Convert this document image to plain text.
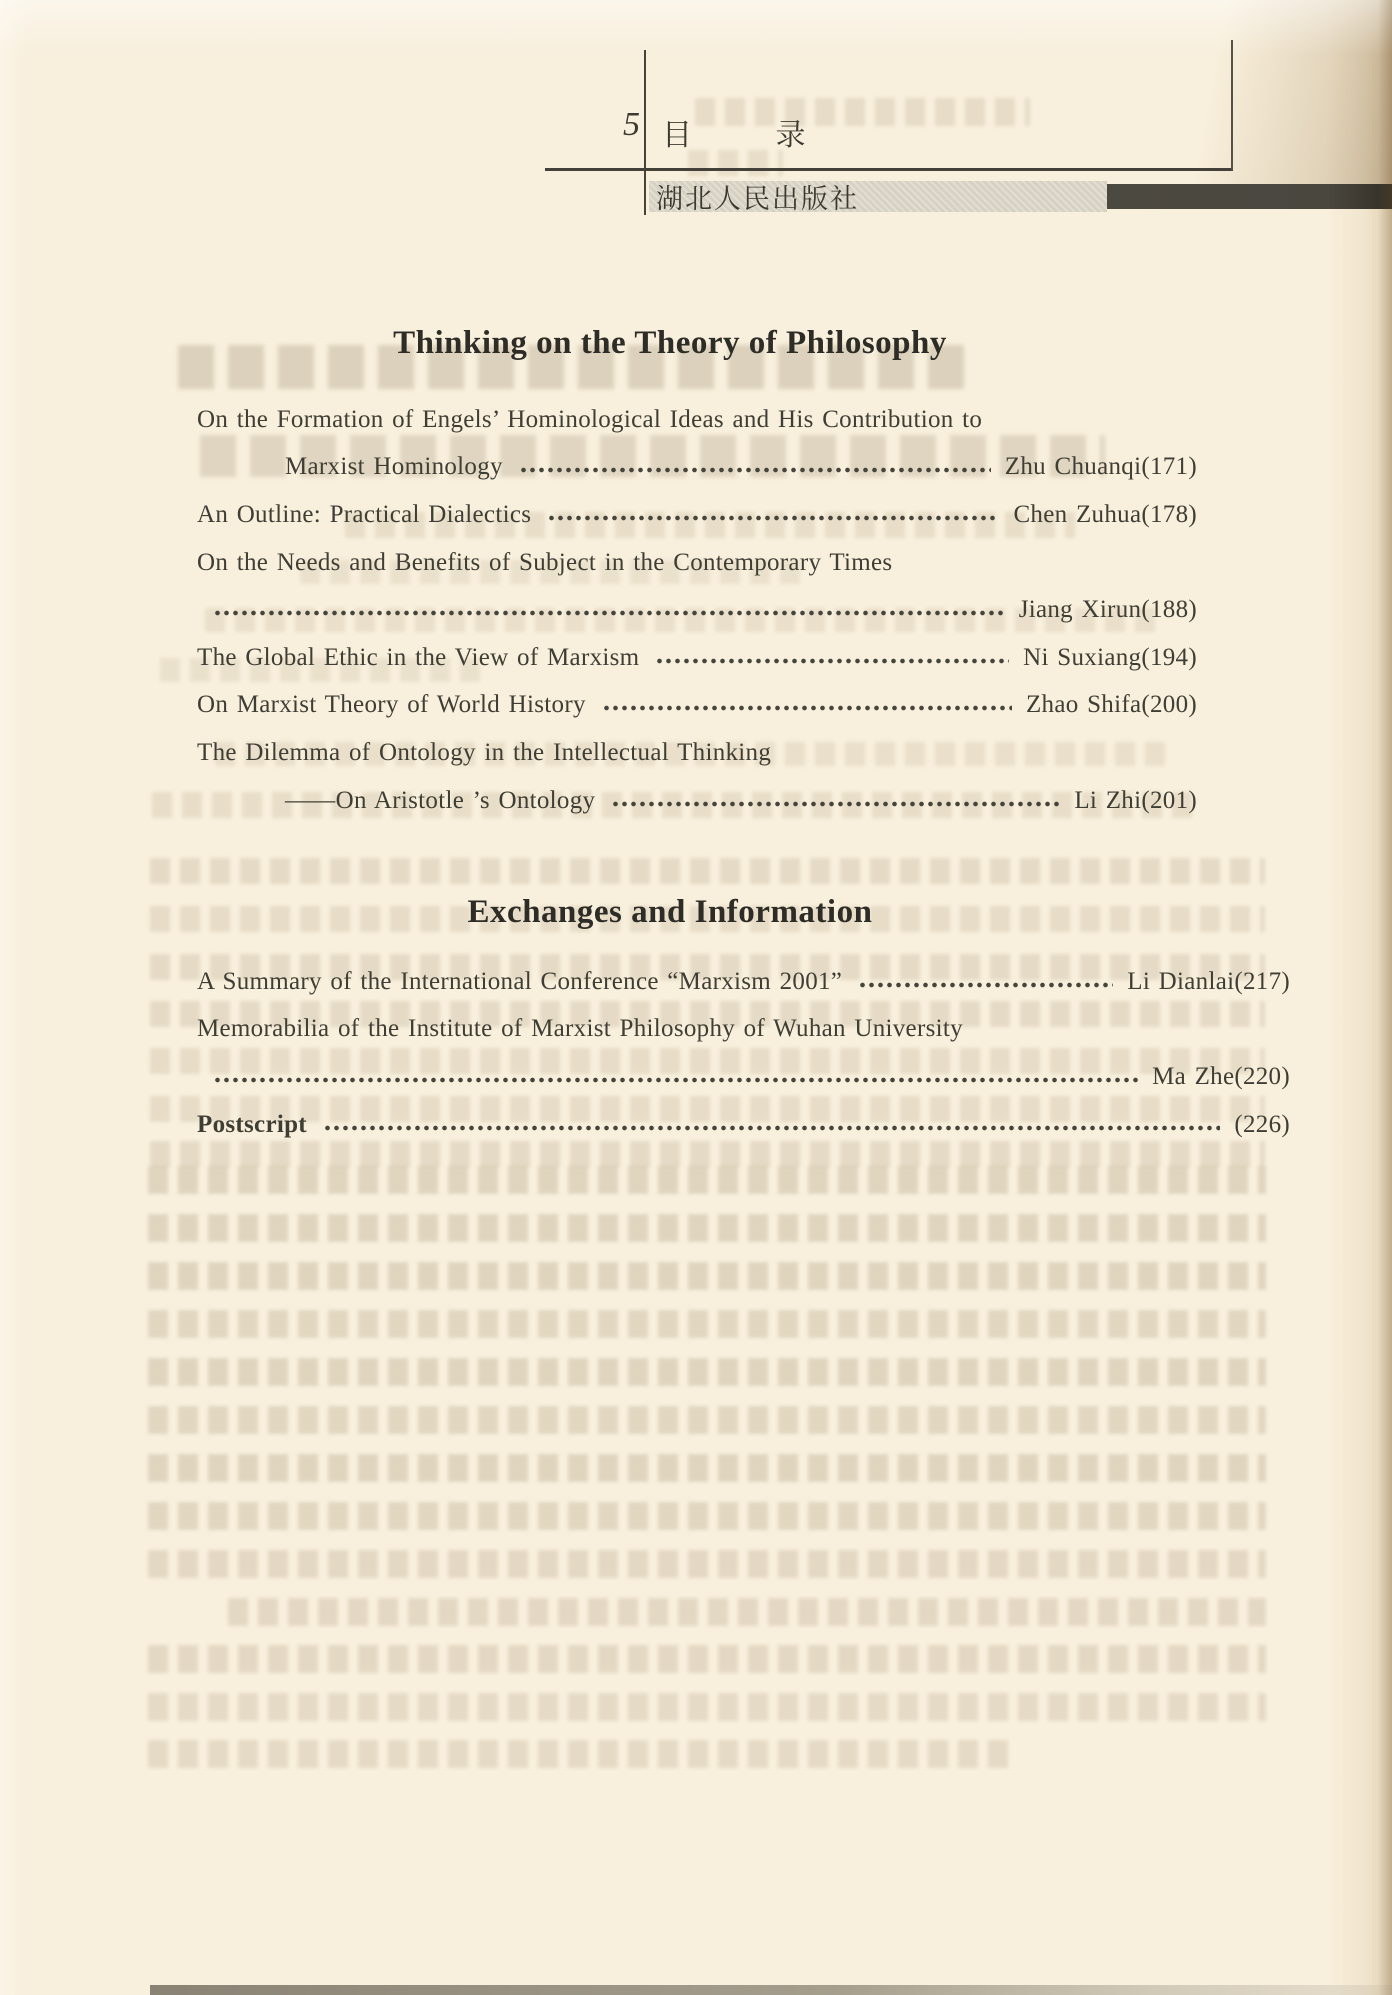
5 目 录
湖北人民出版社
Thinking on the Theory of Philosophy
On the Formation of Engels’ Hominological Ideas and His Contribution to
Marxist Hominology	Zhu Chuanqi(171)
An Outline: Practical Dialectics	Chen Zuhua(178)
On the Needs and Benefits of Subject in the Contemporary Times
Jiang Xirun(188)
The Global Ethic in the View of Marxism	Ni Suxiang(194)
On Marxist Theory of World History	Zhao Shifa(200)
The Dilemma of Ontology in the Intellectual Thinking
——On Aristotle ’s Ontology	Li Zhi(201)
Exchanges and Information
A Summary of the International Conference “Marxism 2001”	Li Dianlai(217)
Memorabilia of the Institute of Marxist Philosophy of Wuhan University
Ma Zhe(220)
Postscript	(226)
